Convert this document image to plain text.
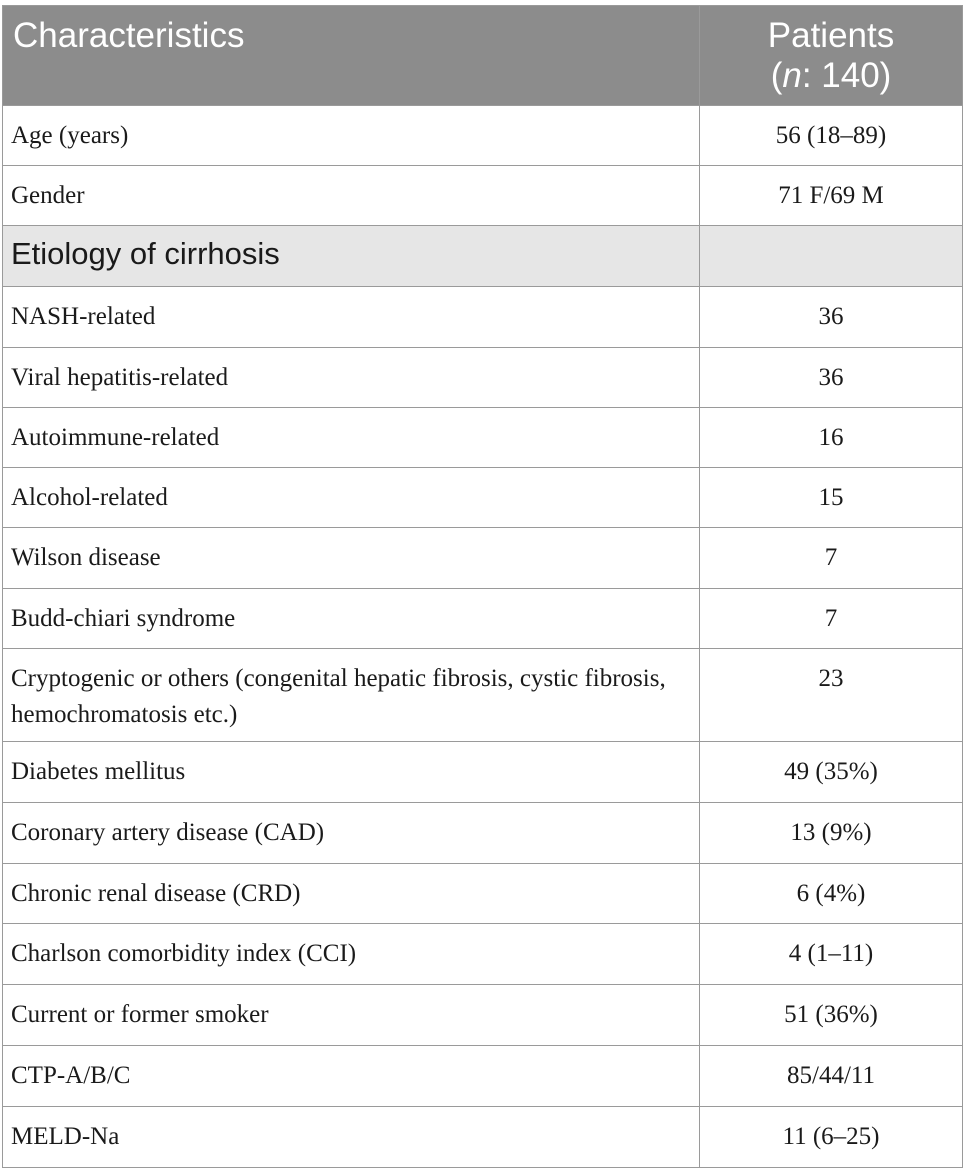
Characteristics	Patients
(n: 140)
Age (years)	56 (18–89)
Gender	71 F/69 M
Etiology of cirrhosis	
NASH-related	36
Viral hepatitis-related	36
Autoimmune-related	16
Alcohol-related	15
Wilson disease	7
Budd-chiari syndrome	7
Cryptogenic or others (congenital hepatic fibrosis, cystic fibrosis, hemochromatosis etc.)	23
Diabetes mellitus	49 (35%)
Coronary artery disease (CAD)	13 (9%)
Chronic renal disease (CRD)	6 (4%)
Charlson comorbidity index (CCI)	4 (1–11)
Current or former smoker	51 (36%)
CTP-A/B/C	85/44/11
MELD-Na	11 (6–25)
